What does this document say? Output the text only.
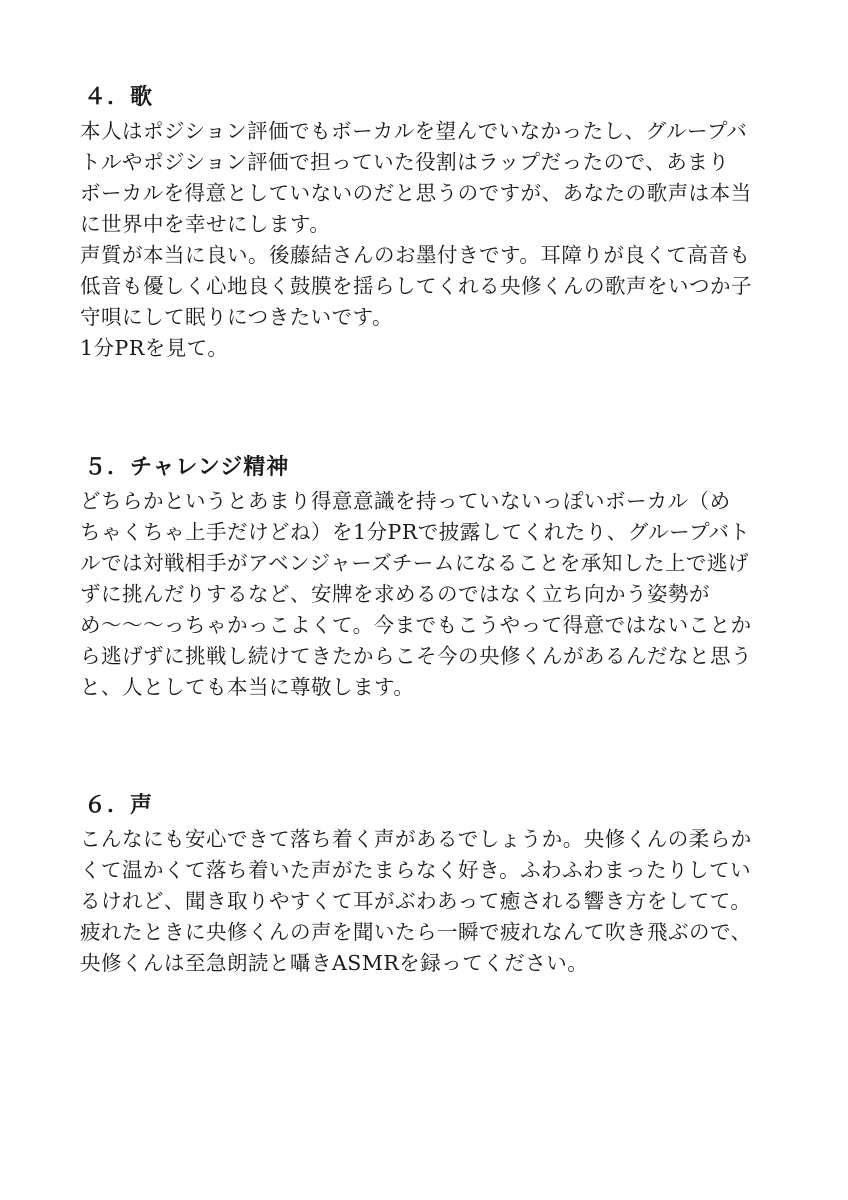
４．歌
本人はポジション評価でもボーカルを望んでいなかったし、グループバ
トルやポジション評価で担っていた役割はラップだったので、あまり
ボーカルを得意としていないのだと思うのですが、あなたの歌声は本当
に世界中を幸せにします。
声質が本当に良い。後藤結さんのお墨付きです。耳障りが良くて高音も
低音も優しく心地良く鼓膜を揺らしてくれる央修くんの歌声をいつか子
守唄にして眠りにつきたいです。
1分PRを見て。
５．チャレンジ精神
どちらかというとあまり得意意識を持っていないっぽいボーカル（め
ちゃくちゃ上手だけどね）を1分PRで披露してくれたり、グループバト
ルでは対戦相手がアベンジャーズチームになることを承知した上で逃げ
ずに挑んだりするなど、安牌を求めるのではなく立ち向かう姿勢が
め〜〜〜っちゃかっこよくて。今までもこうやって得意ではないことか
ら逃げずに挑戦し続けてきたからこそ今の央修くんがあるんだなと思う
と、人としても本当に尊敬します。
６．声
こんなにも安心できて落ち着く声があるでしょうか。央修くんの柔らか
くて温かくて落ち着いた声がたまらなく好き。ふわふわまったりしてい
るけれど、聞き取りやすくて耳がぶわあって癒される響き方をしてて。
疲れたときに央修くんの声を聞いたら一瞬で疲れなんて吹き飛ぶので、
央修くんは至急朗読と囁きASMRを録ってください。
